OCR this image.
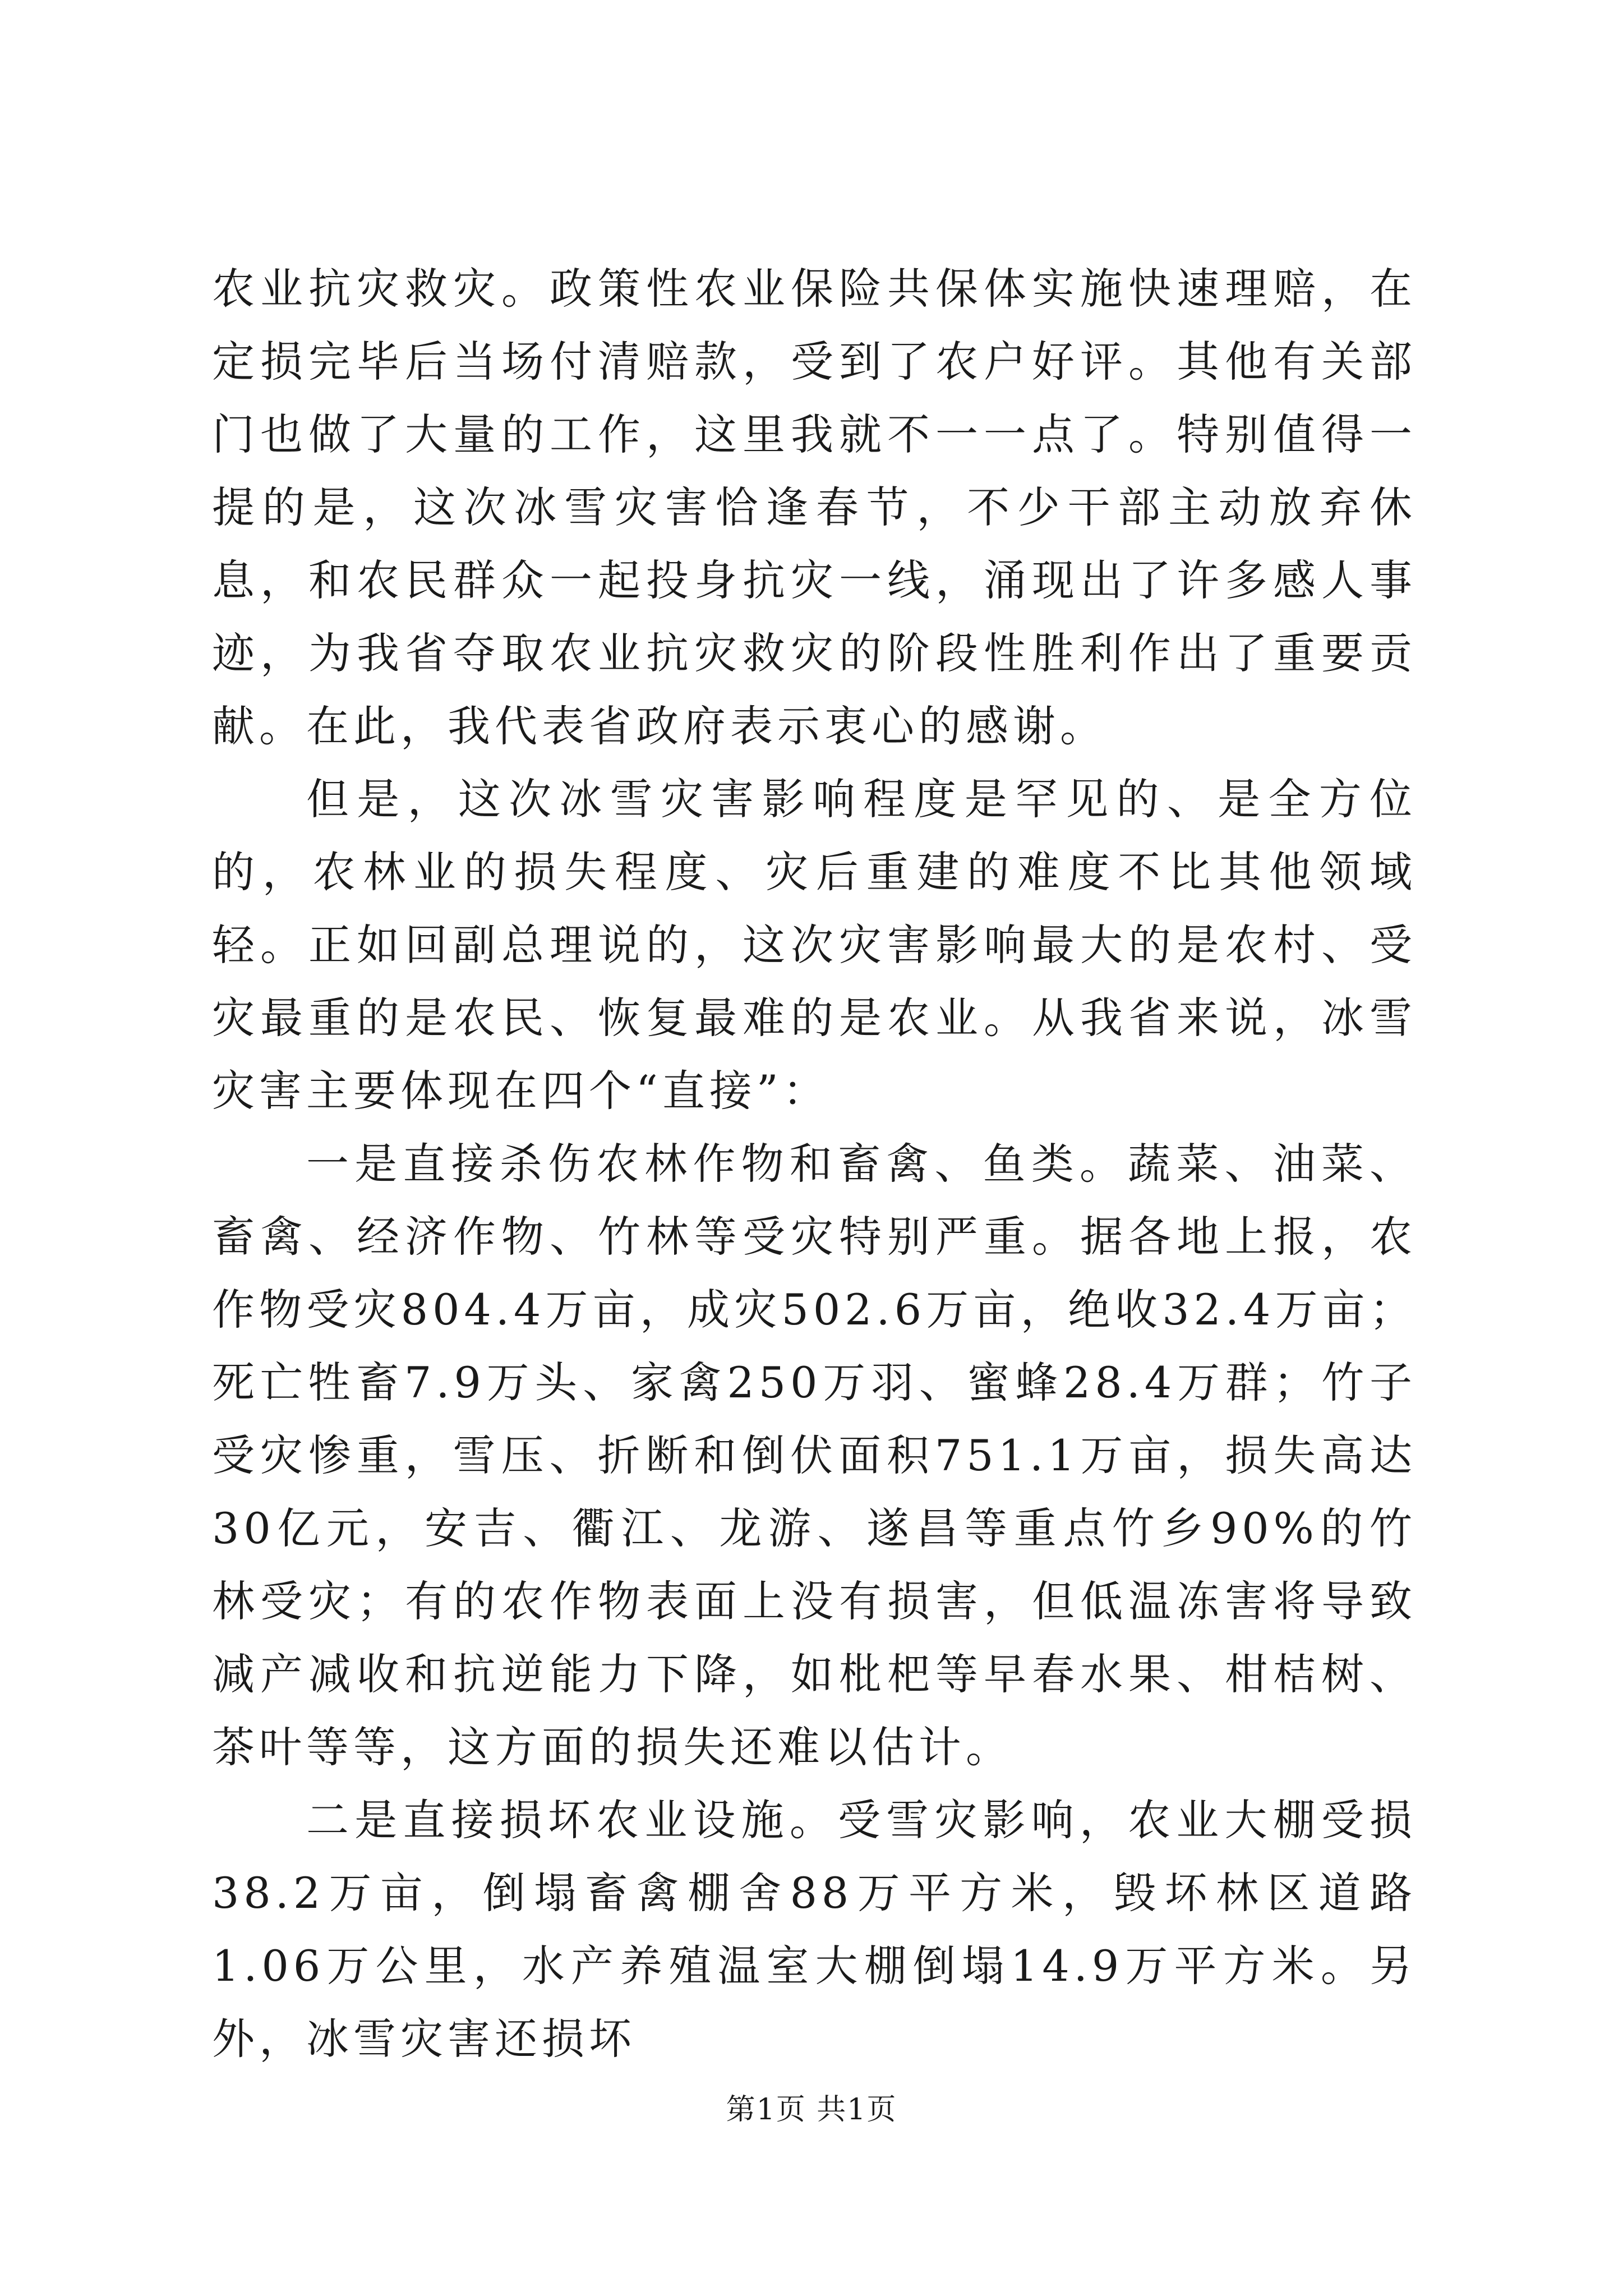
农业抗灾救灾。政策性农业保险共保体实施快速理赔，在定损完毕后当场付清赔款，受到了农户好评。其他有关部门也做了大量的工作，这里我就不一一点了。特别值得一提的是，这次冰雪灾害恰逢春节，不少干部主动放弃休息，和农民群众一起投身抗灾一线，涌现出了许多感人事迹，为我省夺取农业抗灾救灾的阶段性胜利作出了重要贡献。在此，我代表省政府表示衷心的感谢。

但是，这次冰雪灾害影响程度是罕见的、是全方位的，农林业的损失程度、灾后重建的难度不比其他领域轻。正如回副总理说的，这次灾害影响最大的是农村、受灾最重的是农民、恢复最难的是农业。从我省来说，冰雪灾害主要体现在四个“直接”：

一是直接杀伤农林作物和畜禽、鱼类。蔬菜、油菜、畜禽、经济作物、竹林等受灾特别严重。据各地上报，农作物受灾804.4万亩，成灾502.6万亩，绝收32.4万亩；死亡牲畜7.9万头、家禽250万羽、蜜蜂28.4万群；竹子受灾惨重，雪压、折断和倒伏面积751.1万亩，损失高达30亿元，安吉、衢江、龙游、遂昌等重点竹乡90%的竹林受灾；有的农作物表面上没有损害，但低温冻害将导致减产减收和抗逆能力下降，如枇杷等早春水果、柑桔树、茶叶等等，这方面的损失还难以估计。

二是直接损坏农业设施。受雪灾影响，农业大棚受损38.2万亩，倒塌畜禽棚舍88万平方米，毁坏林区道路1.06万公里，水产养殖温室大棚倒塌14.9万平方米。另外，冰雪灾害还损坏

第1页 共1页
